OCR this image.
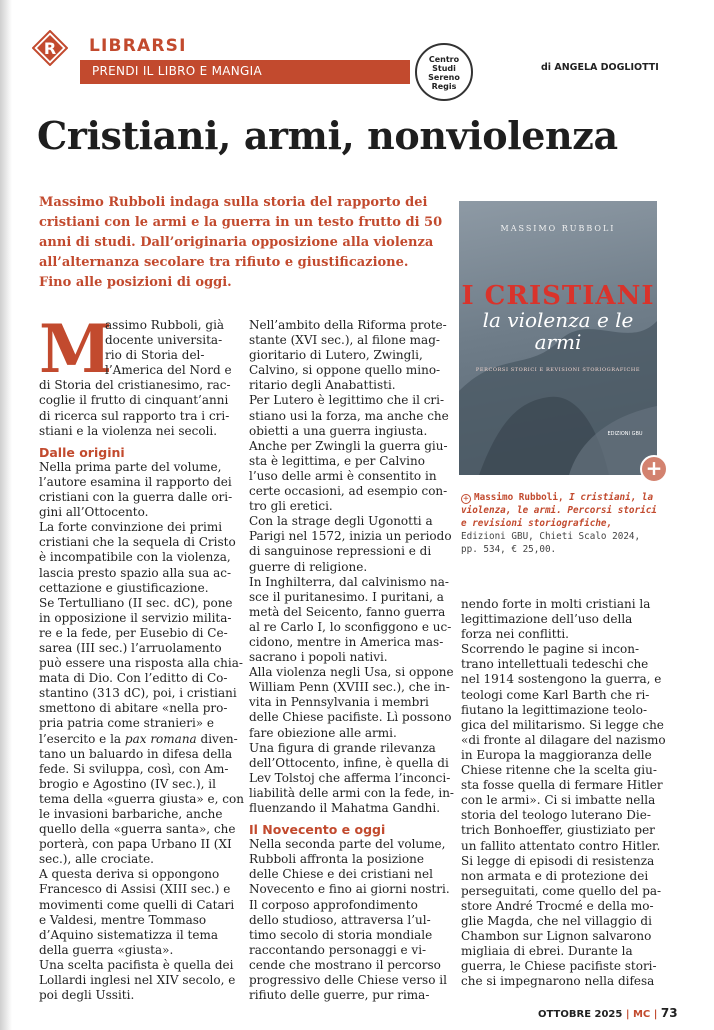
R LIBRARSI
PRENDI IL LIBRO E MANGIA
Centro
Studi
Sereno
Regis
di ANGELA DOGLIOTTI
Cristiani, armi, nonviolenza
Massimo Rubboli indaga sulla storia del rapporto dei
cristiani con le armi e la guerra in un testo frutto di 50
anni di studi. Dall’originaria opposizione alla violenza
all’alternanza secolare tra rifiuto e giustificazione.
Fino alle posizioni di oggi.
MASSIMO RUBBOLI
I CRISTIANI
la violenza e le armi
PERCORSI STORICI E REVISIONI STORIOGRAFICHE
EDIZIONI GBU
+
+ Massimo Rubboli, I cristiani, la violenza, le armi. Percorsi storici e revisioni storiografiche, Edizioni GBU, Chieti Scalo 2024, pp. 534, € 25,00.
M

assimo Rubboli, già

docente universita-

rio di Storia del-

l’America del Nord e

di Storia del cristianesimo, rac-

coglie il frutto di cinquant’anni

di ricerca sul rapporto tra i cri-

stiani e la violenza nei secoli.

Dalle origini

Nella prima parte del volume,

l’autore esamina il rapporto dei

cristiani con la guerra dalle ori-

gini all’Ottocento.

La forte convinzione dei primi

cristiani che la sequela di Cristo

è incompatibile con la violenza,

lascia presto spazio alla sua ac-

cettazione e giustificazione.

Se Tertulliano (II sec. dC), pone

in opposizione il servizio milita-

re e la fede, per Eusebio di Ce-

sarea (III sec.) l’arruolamento

può essere una risposta alla chia-

mata di Dio. Con l’editto di Co-

stantino (313 dC), poi, i cristiani

smettono di abitare «nella pro-

pria patria come stranieri» e

l’esercito e la pax romana diven-

tano un baluardo in difesa della

fede. Si sviluppa, così, con Am-

brogio e Agostino (IV sec.), il

tema della «guerra giusta» e, con

le invasioni barbariche, anche

quello della «guerra santa», che

porterà, con papa Urbano II (XI

sec.), alle crociate.

A questa deriva si oppongono

Francesco di Assisi (XIII sec.) e

movimenti come quelli di Catari

e Valdesi, mentre Tommaso

d’Aquino sistematizza il tema

della guerra «giusta».

Una scelta pacifista è quella dei

Lollardi inglesi nel XIV secolo, e

poi degli Ussiti.

Nell’ambito della Riforma prote-

stante (XVI sec.), al filone mag-

gioritario di Lutero, Zwingli,

Calvino, si oppone quello mino-

ritario degli Anabattisti.

Per Lutero è legittimo che il cri-

stiano usi la forza, ma anche che

obietti a una guerra ingiusta.

Anche per Zwingli la guerra giu-

sta è legittima, e per Calvino

l’uso delle armi è consentito in

certe occasioni, ad esempio con-

tro gli eretici.

Con la strage degli Ugonotti a

Parigi nel 1572, inizia un periodo

di sanguinose repressioni e di

guerre di religione.

In Inghilterra, dal calvinismo na-

sce il puritanesimo. I puritani, a

metà del Seicento, fanno guerra

al re Carlo I, lo sconfiggono e uc-

cidono, mentre in America mas-

sacrano i popoli nativi.

Alla violenza negli Usa, si oppone

William Penn (XVIII sec.), che in-

vita in Pennsylvania i membri

delle Chiese pacifiste. Lì possono

fare obiezione alle armi.

Una figura di grande rilevanza

dell’Ottocento, infine, è quella di

Lev Tolstoj che afferma l’inconci-

liabilità delle armi con la fede, in-

fluenzando il Mahatma Gandhi.

Il Novecento e oggi

Nella seconda parte del volume,

Rubboli affronta la posizione

delle Chiese e dei cristiani nel

Novecento e fino ai giorni nostri.

Il corposo approfondimento

dello studioso, attraversa l’ul-

timo secolo di storia mondiale

raccontando personaggi e vi-

cende che mostrano il percorso

progressivo delle Chiese verso il

rifiuto delle guerre, pur rima-

nendo forte in molti cristiani la

legittimazione dell’uso della

forza nei conflitti.

Scorrendo le pagine si incon-

trano intellettuali tedeschi che

nel 1914 sostengono la guerra, e

teologi come Karl Barth che ri-

fiutano la legittimazione teolo-

gica del militarismo. Si legge che

«di fronte al dilagare del nazismo

in Europa la maggioranza delle

Chiese ritenne che la scelta giu-

sta fosse quella di fermare Hitler

con le armi». Ci si imbatte nella

storia del teologo luterano Die-

trich Bonhoeffer, giustiziato per

un fallito attentato contro Hitler.

Si legge di episodi di resistenza

non armata e di protezione dei

perseguitati, come quello del pa-

store André Trocmé e della mo-

glie Magda, che nel villaggio di

Chambon sur Lignon salvarono

migliaia di ebrei. Durante la

guerra, le Chiese pacifiste stori-

che si impegnarono nella difesa

OTTOBRE 2025 | MC | 73
